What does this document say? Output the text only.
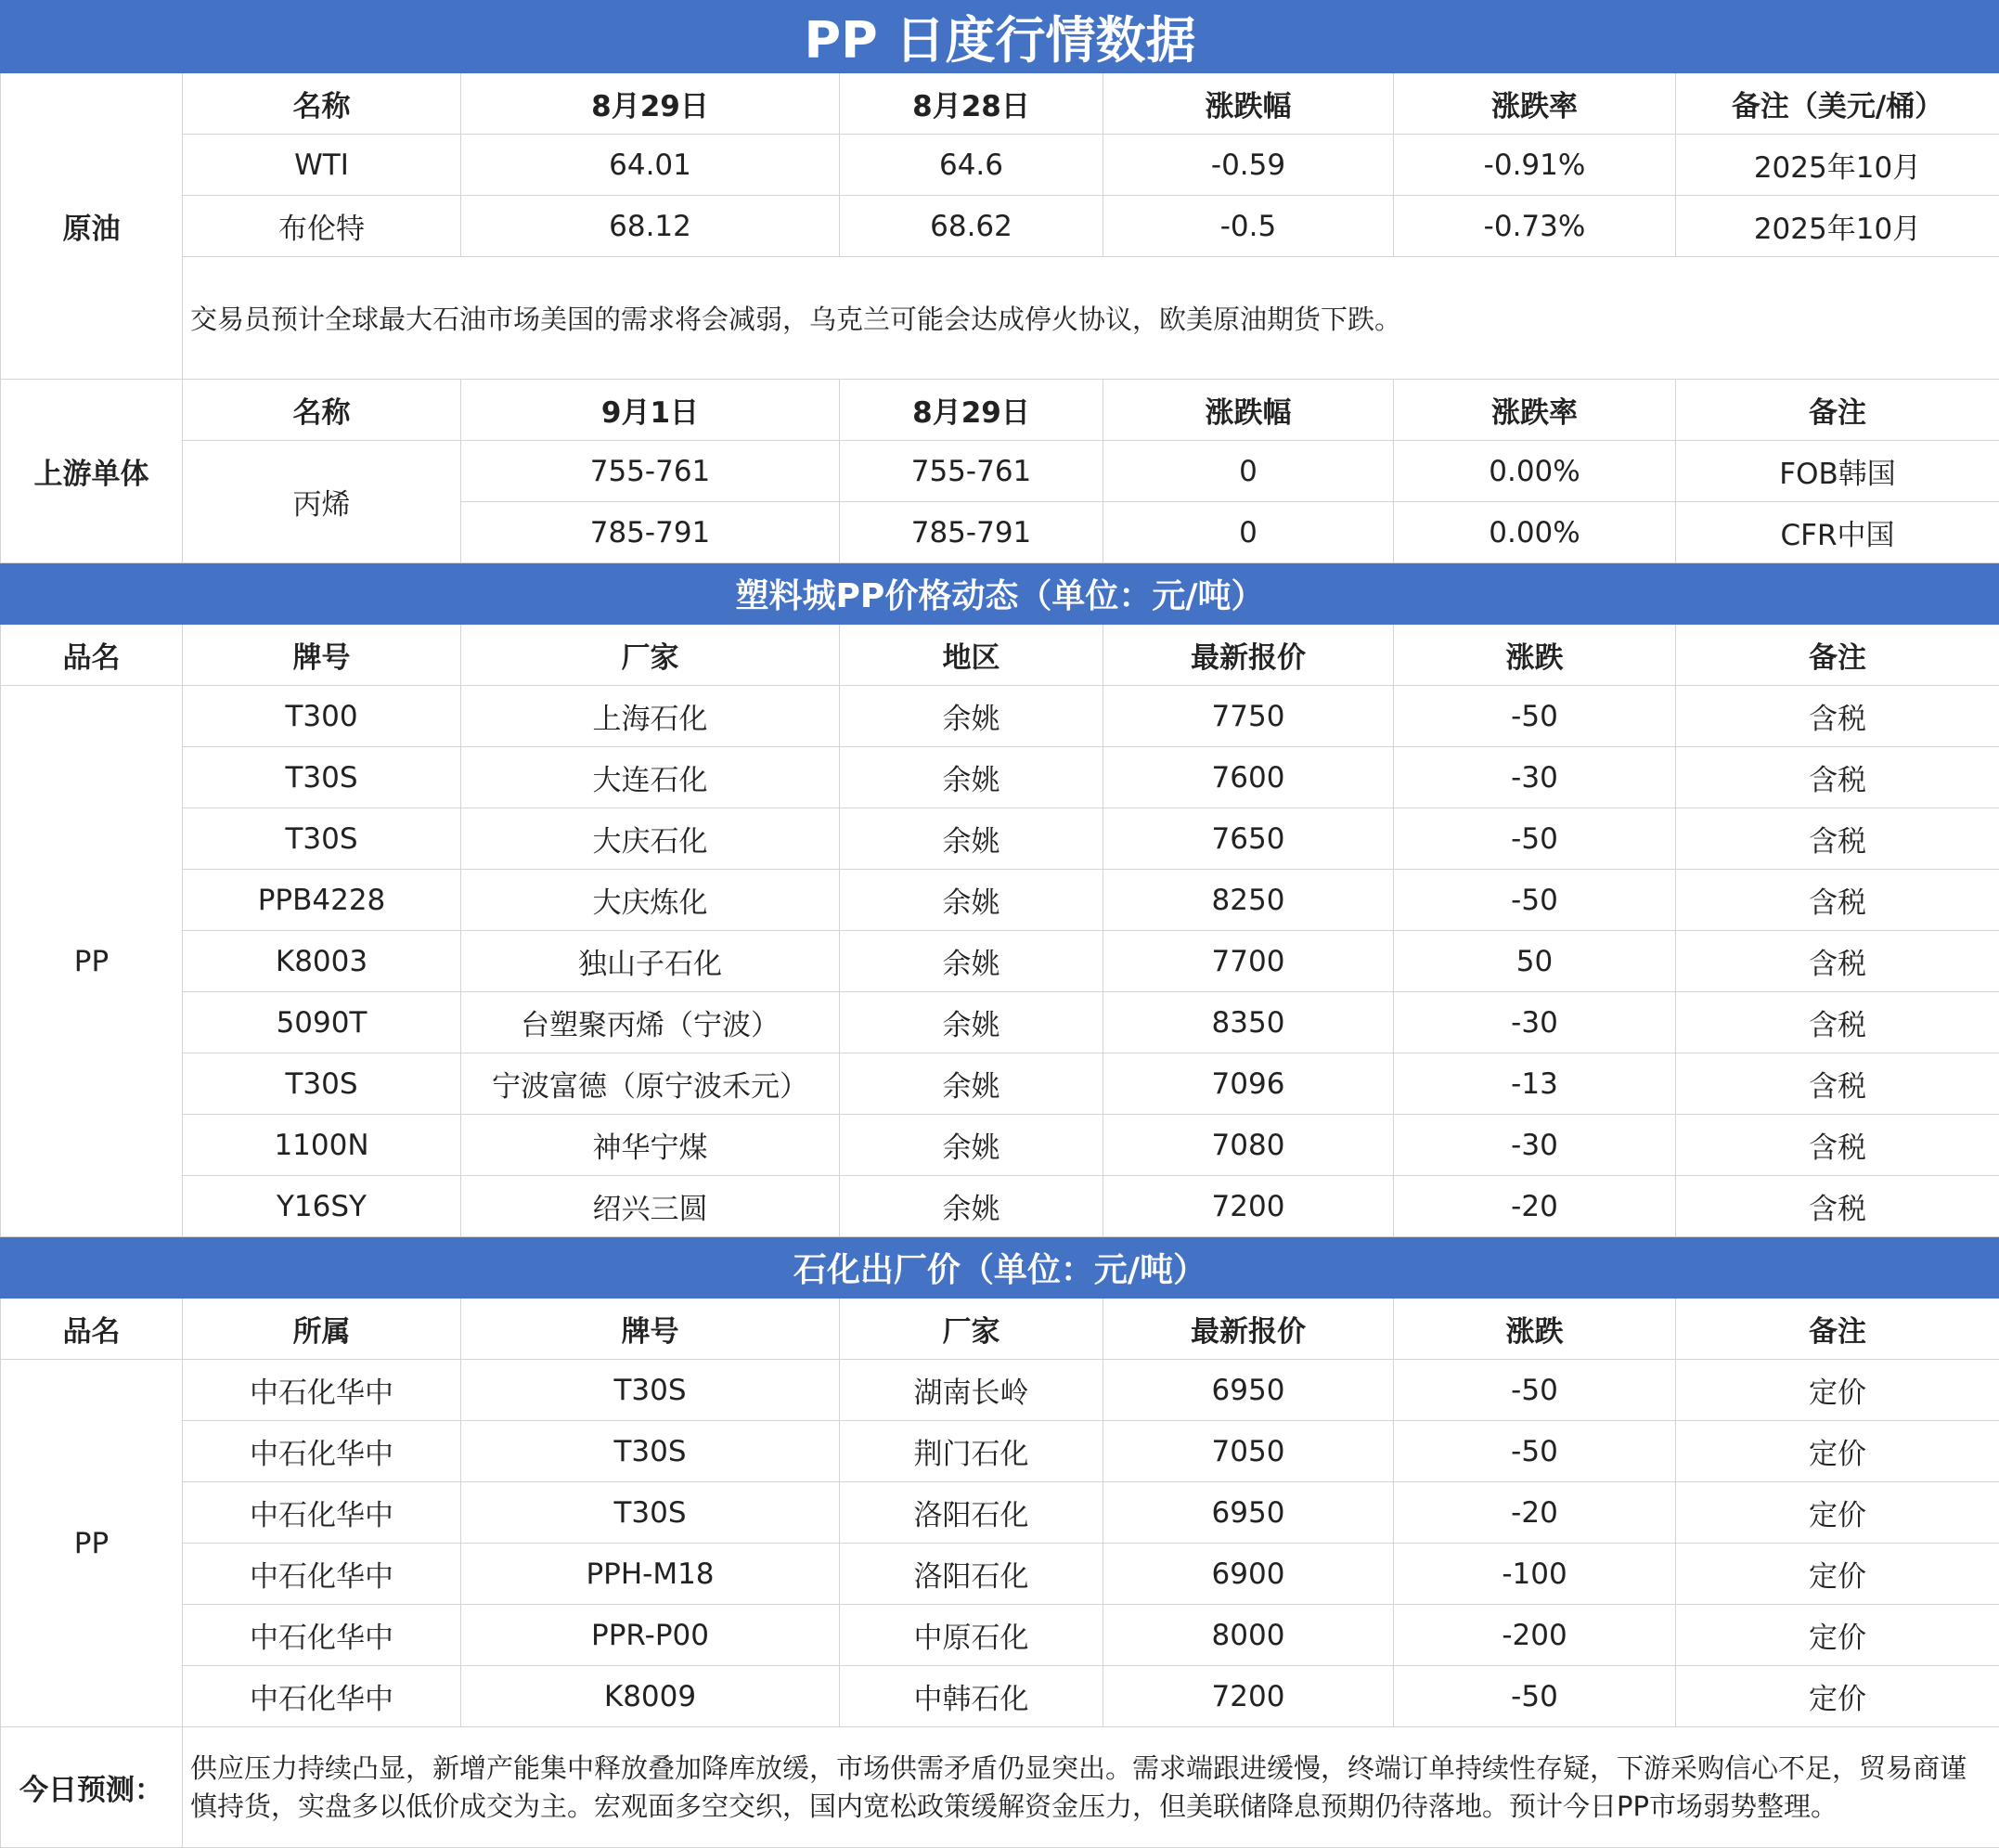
PP 日度行情数据						
原油	名称	8月29日	8月28日	涨跌幅	涨跌率	备注（美元/桶）
	WTI	64.01	64.6	-0.59	-0.91%	2025年10月
	布伦特	68.12	68.62	-0.5	-0.73%	2025年10月
	交易员预计全球最大石油市场美国的需求将会减弱，乌克兰可能会达成停火协议，欧美原油期货下跌。					
上游单体	名称	9月1日	8月29日	涨跌幅	涨跌率	备注
	丙烯	755-761	755-761	0	0.00%	FOB韩国
		785-791	785-791	0	0.00%	CFR中国
塑料城PP价格动态（单位：元/吨）						
品名	牌号	厂家	地区	最新报价	涨跌	备注
PP	T300	上海石化	余姚	7750	-50	含税
	T30S	大连石化	余姚	7600	-30	含税
	T30S	大庆石化	余姚	7650	-50	含税
	PPB4228	大庆炼化	余姚	8250	-50	含税
	K8003	独山子石化	余姚	7700	50	含税
	5090T	台塑聚丙烯（宁波）	余姚	8350	-30	含税
	T30S	宁波富德（原宁波禾元）	余姚	7096	-13	含税
	1100N	神华宁煤	余姚	7080	-30	含税
	Y16SY	绍兴三圆	余姚	7200	-20	含税
石化出厂价（单位：元/吨）						
品名	所属	牌号	厂家	最新报价	涨跌	备注
PP	中石化华中	T30S	湖南长岭	6950	-50	定价
	中石化华中	T30S	荆门石化	7050	-50	定价
	中石化华中	T30S	洛阳石化	6950	-20	定价
	中石化华中	PPH-M18	洛阳石化	6900	-100	定价
	中石化华中	PPR-P00	中原石化	8000	-200	定价
	中石化华中	K8009	中韩石化	7200	-50	定价
今日预测：	供应压力持续凸显，新增产能集中释放叠加降库放缓，市场供需矛盾仍显突出。需求端跟进缓慢，终端订单持续性存疑，下游采购信心不足，贸易商谨慎持货，实盘多以低价成交为主。宏观面多空交织，国内宽松政策缓解资金压力，但美联储降息预期仍待落地。预计今日PP市场弱势整理。					
